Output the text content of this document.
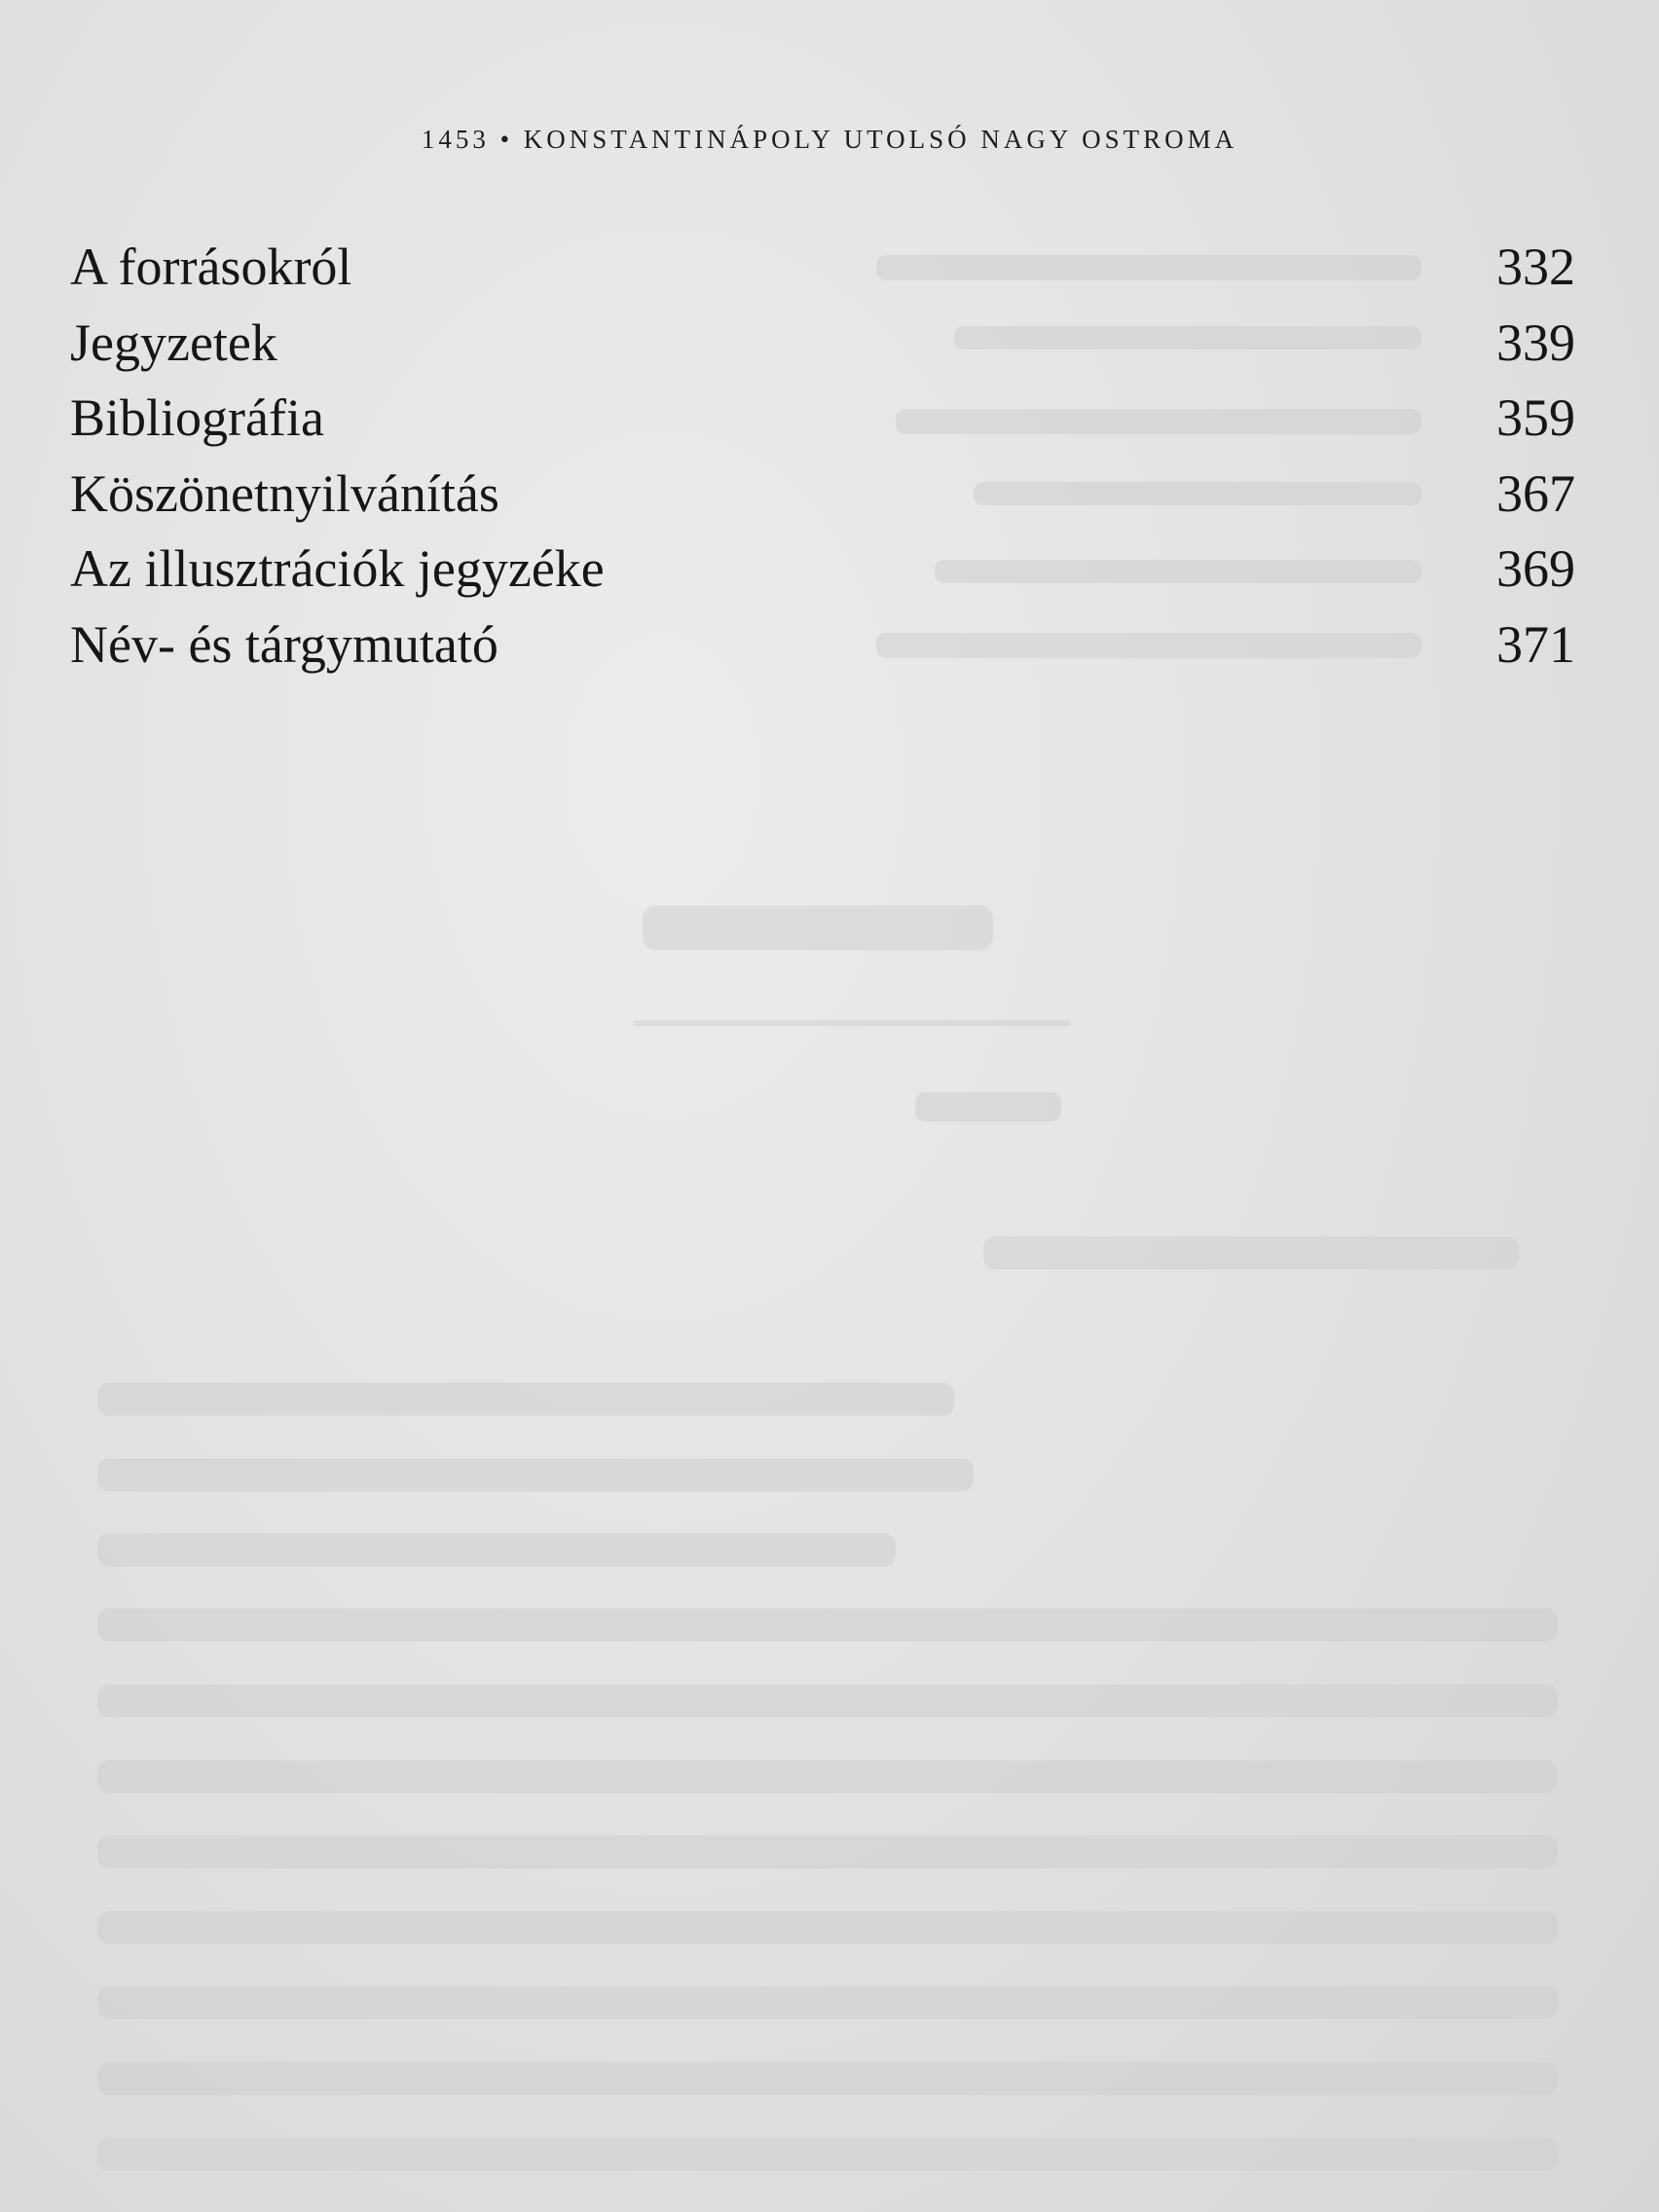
1453 • KONSTANTINÁPOLY UTOLSÓ NAGY OSTROMA
A forrásokról	332
Jegyzetek	339
Bibliográfia	359
Köszönetnyilvánítás	367
Az illusztrációk jegyzéke	369
Név- és tárgymutató	371
